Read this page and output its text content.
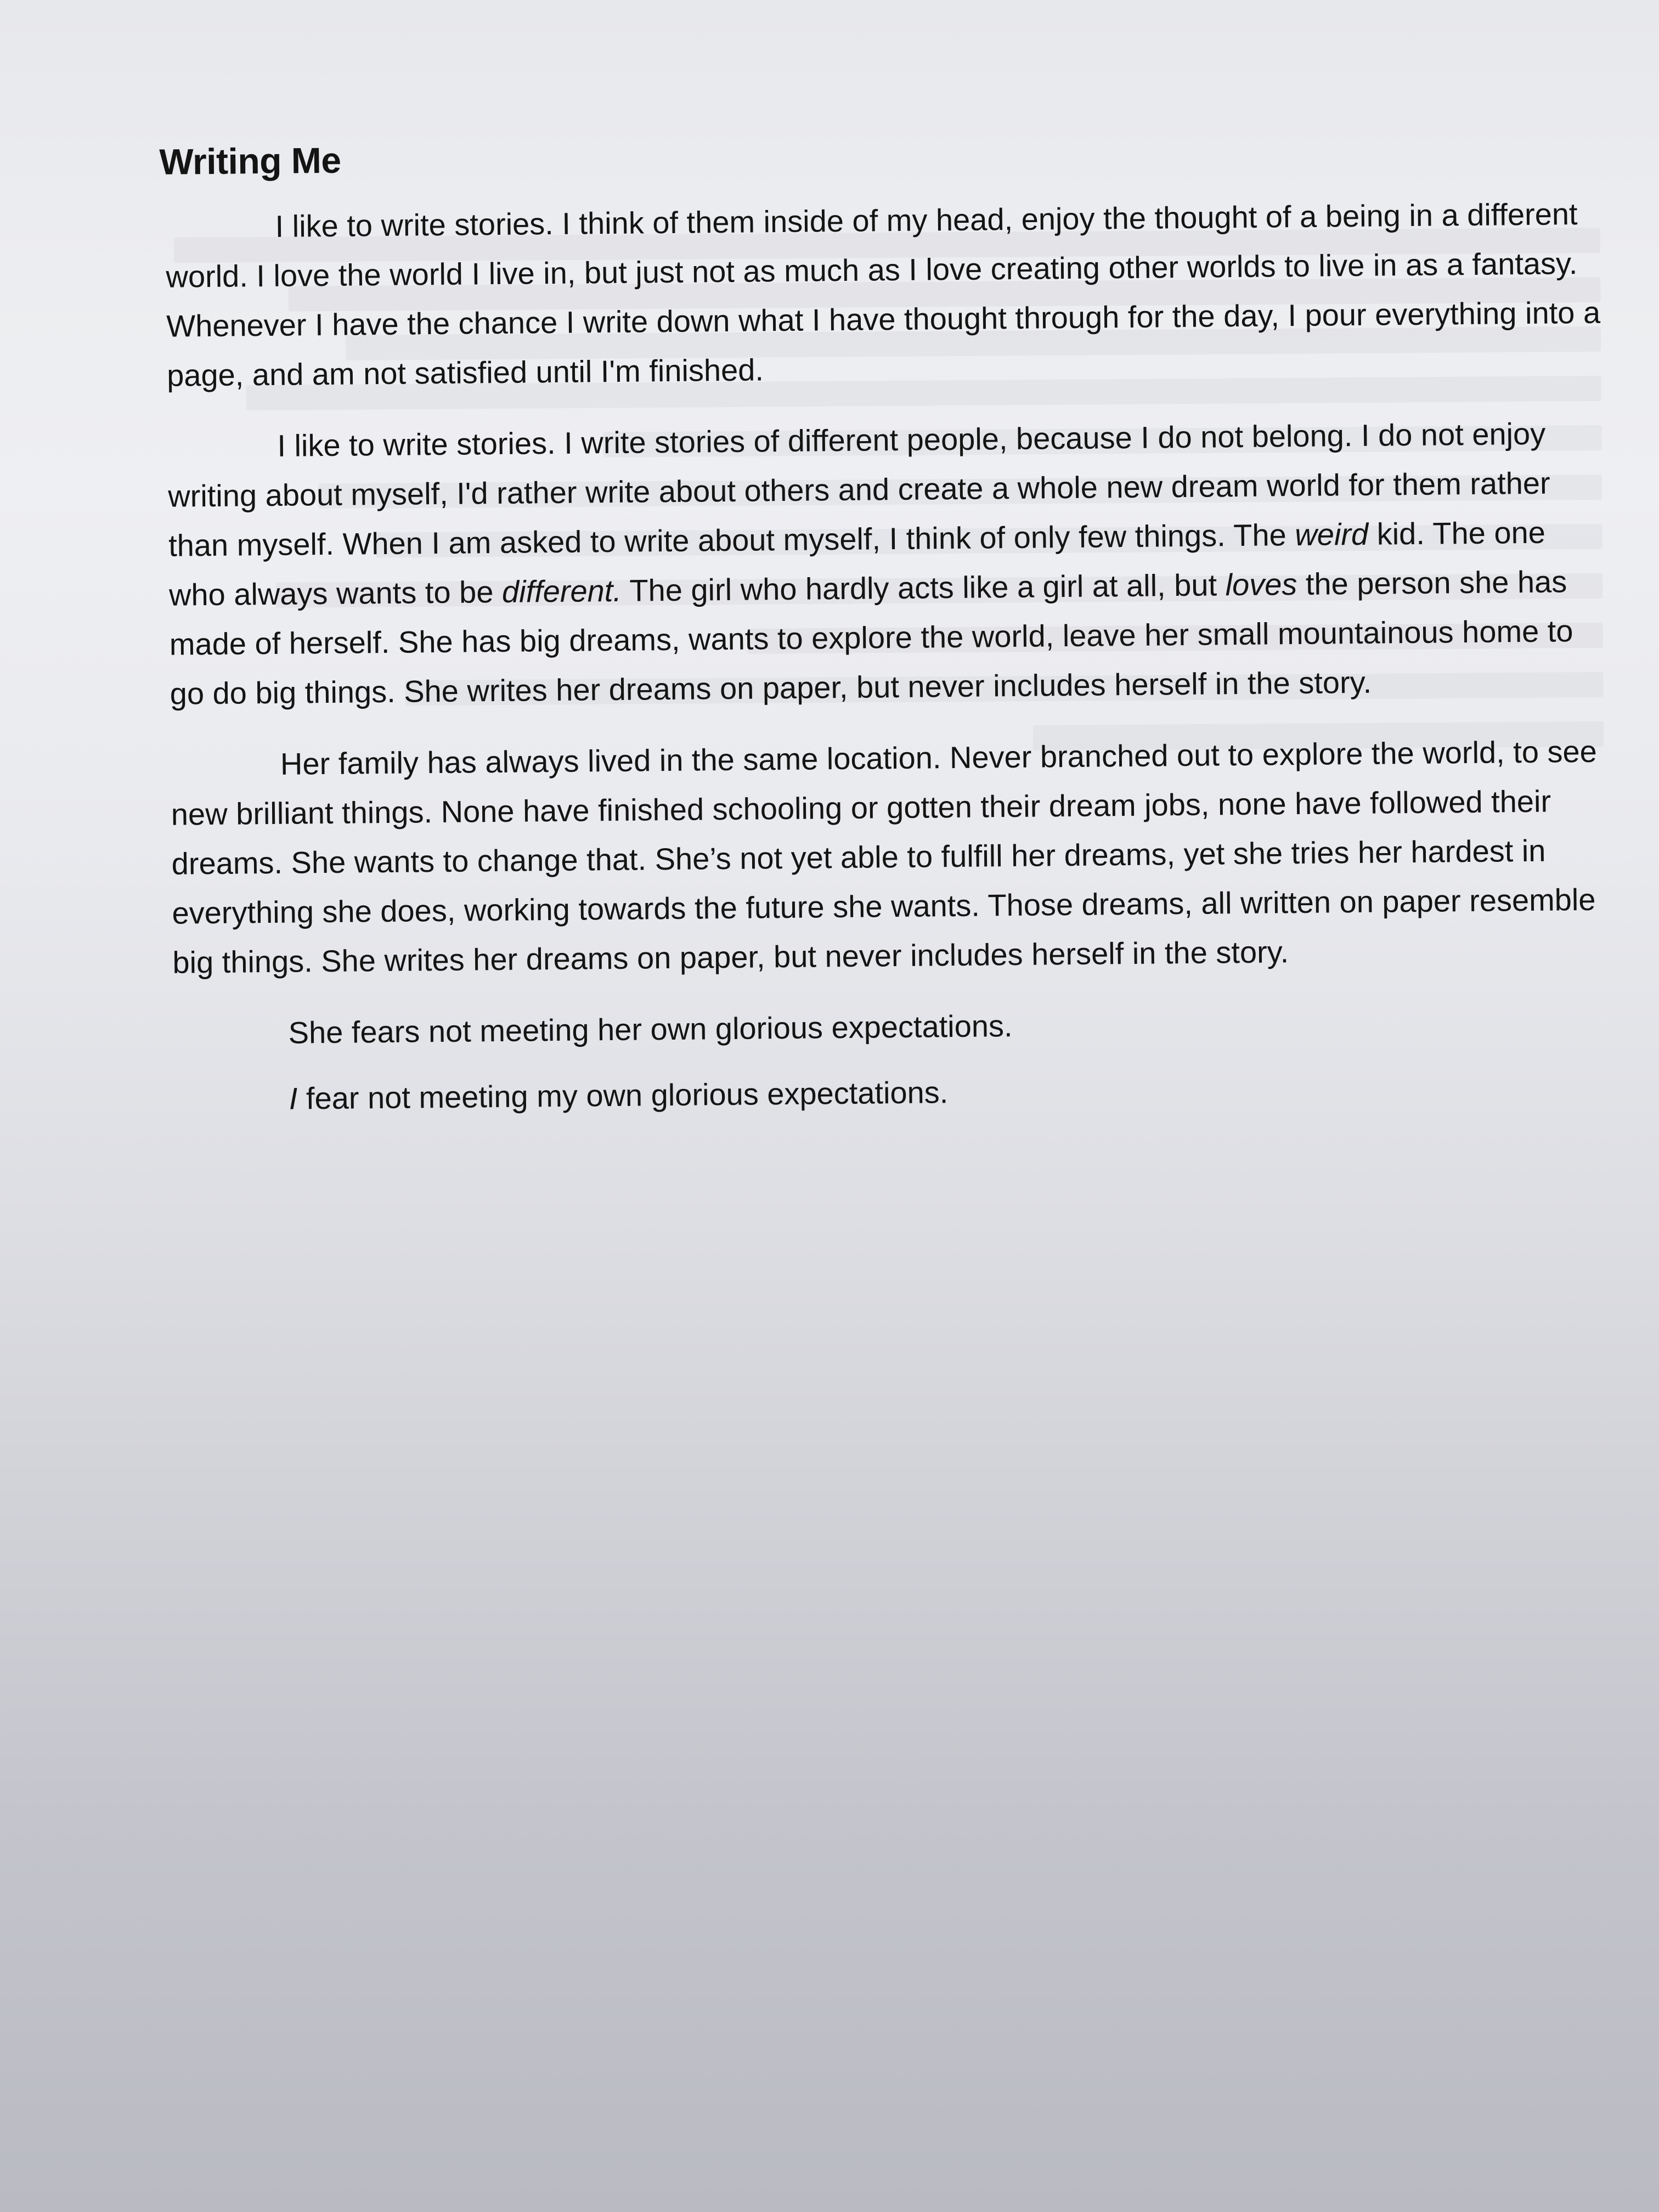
Writing Me
I like to write stories. I think of them inside of my head, enjoy the thought of a being in a different world. I love the world I live in, but just not as much as I love creating other worlds to live in as a fantasy. Whenever I have the chance I write down what I have thought through for the day, I pour everything into a page, and am not satisfied until I'm finished.
I like to write stories. I write stories of different people, because I do not belong. I do not enjoy writing about myself, I'd rather write about others and create a whole new dream world for them rather than myself. When I am asked to write about myself, I think of only few things. The weird kid. The one who always wants to be different. The girl who hardly acts like a girl at all, but loves the person she has made of herself. She has big dreams, wants to explore the world, leave her small mountainous home to go do big things. She writes her dreams on paper, but never includes herself in the story.
Her family has always lived in the same location. Never branched out to explore the world, to see new brilliant things. None have finished schooling or gotten their dream jobs, none have followed their dreams. She wants to change that. She’s not yet able to fulfill her dreams, yet she tries her hardest in everything she does, working towards the future she wants. Those dreams, all written on paper resemble big things. She writes her dreams on paper, but never includes herself in the story.
She fears not meeting her own glorious expectations.
I fear not meeting my own glorious expectations.
